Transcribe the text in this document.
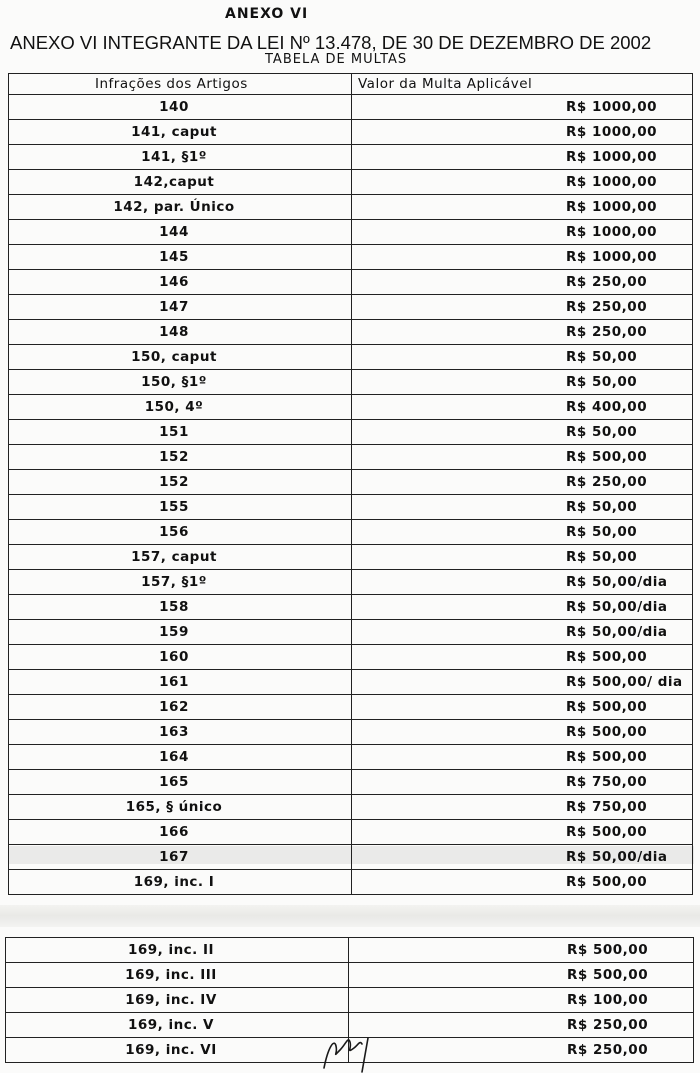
ANEXO VI
ANEXO VI INTEGRANTE DA LEI Nº 13.478, DE 30 DE DEZEMBRO DE 2002
TABELA DE MULTAS
Infrações dos Artigos	Valor da Multa Aplicável
140	R$ 1000,00
141, caput	R$ 1000,00
141, §1º	R$ 1000,00
142,caput	R$ 1000,00
142, par. Único	R$ 1000,00
144	R$ 1000,00
145	R$ 1000,00
146	R$ 250,00
147	R$ 250,00
148	R$ 250,00
150, caput	R$ 50,00
150, §1º	R$ 50,00
150, 4º	R$ 400,00
151	R$ 50,00
152	R$ 500,00
152	R$ 250,00
155	R$ 50,00
156	R$ 50,00
157, caput	R$ 50,00
157, §1º	R$ 50,00/dia
158	R$ 50,00/dia
159	R$ 50,00/dia
160	R$ 500,00
161	R$ 500,00/ dia
162	R$ 500,00
163	R$ 500,00
164	R$ 500,00
165	R$ 750,00
165, § único	R$ 750,00
166	R$ 500,00
167	R$ 50,00/dia
169, inc. I	R$ 500,00
169, inc. II	R$ 500,00
169, inc. III	R$ 500,00
169, inc. IV	R$ 100,00
169, inc. V	R$ 250,00
169, inc. VI	R$ 250,00
